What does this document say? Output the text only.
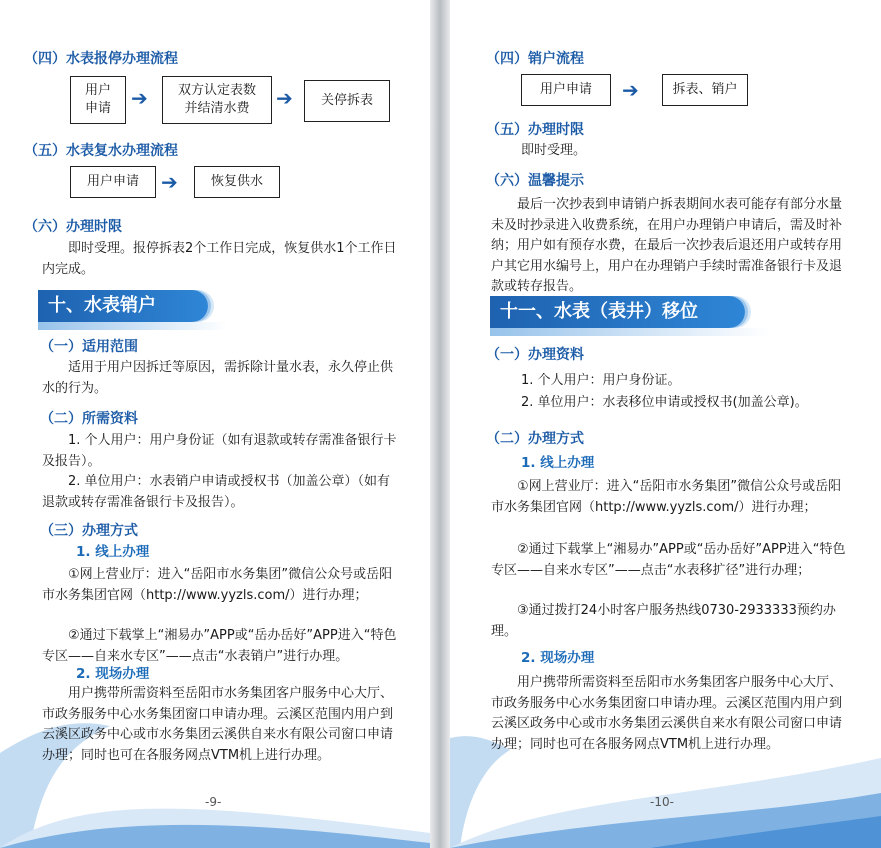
（四）水表报停办理流程
用户
申请	➔	双方认定表数
并结清水费	➔	关停拆表
（五）水表复水办理流程
用户申请	➔	恢复供水
（六）办理时限

即时受理。报停拆表2个工作日完成，恢复供水1个工作日内完成。

十、水表销户
（一）适用范围

适用于用户因拆迁等原因，需拆除计量水表，永久停止供水的行为。

（二）所需资料

1. 个人用户：用户身份证（如有退款或转存需准备银行卡及报告）。

2. 单位用户：水表销户申请或授权书（加盖公章）（如有退款或转存需准备银行卡及报告）。

（三）办理方式
1. 线上办理

①网上营业厅：进入“岳阳市水务集团”微信公众号或岳阳市水务集团官网（http://www.yyzls.com/）进行办理；

②通过下载掌上“湘易办”APP或“岳办岳好”APP进入“特色专区——自来水专区”——点击“水表销户”进行办理。

2. 现场办理

用户携带所需资料至岳阳市水务集团客户服务中心大厅、市政务服务中心水务集团窗口申请办理。云溪区范围内用户到云溪区政务中心或市水务集团云溪供自来水有限公司窗口申请办理；同时也可在各服务网点VTM机上进行办理。

-9-
（四）销户流程
用户申请	➔	拆表、销户
（五）办理时限

即时受理。

（六）温馨提示

最后一次抄表到申请销户拆表期间水表可能存有部分水量未及时抄录进入收费系统，在用户办理销户申请后，需及时补纳；用户如有预存水费，在最后一次抄表后退还用户或转存用户其它用水编号上，用户在办理销户手续时需准备银行卡及退款或转存报告。

十一、水表（表井）移位
（一）办理资料

1. 个人用户：用户身份证。

2. 单位用户：水表移位申请或授权书(加盖公章)。

（二）办理方式
1. 线上办理

①网上营业厅：进入“岳阳市水务集团”微信公众号或岳阳市水务集团官网（http://www.yyzls.com/）进行办理；

②通过下载掌上“湘易办”APP或“岳办岳好”APP进入“特色专区——自来水专区”——点击“水表移扩径”进行办理；

③通过拨打24小时客户服务热线0730-2933333预约办理。

2. 现场办理

用户携带所需资料至岳阳市水务集团客户服务中心大厅、市政务服务中心水务集团窗口申请办理。云溪区范围内用户到云溪区政务中心或市水务集团云溪供自来水有限公司窗口申请办理；同时也可在各服务网点VTM机上进行办理。

-10-
